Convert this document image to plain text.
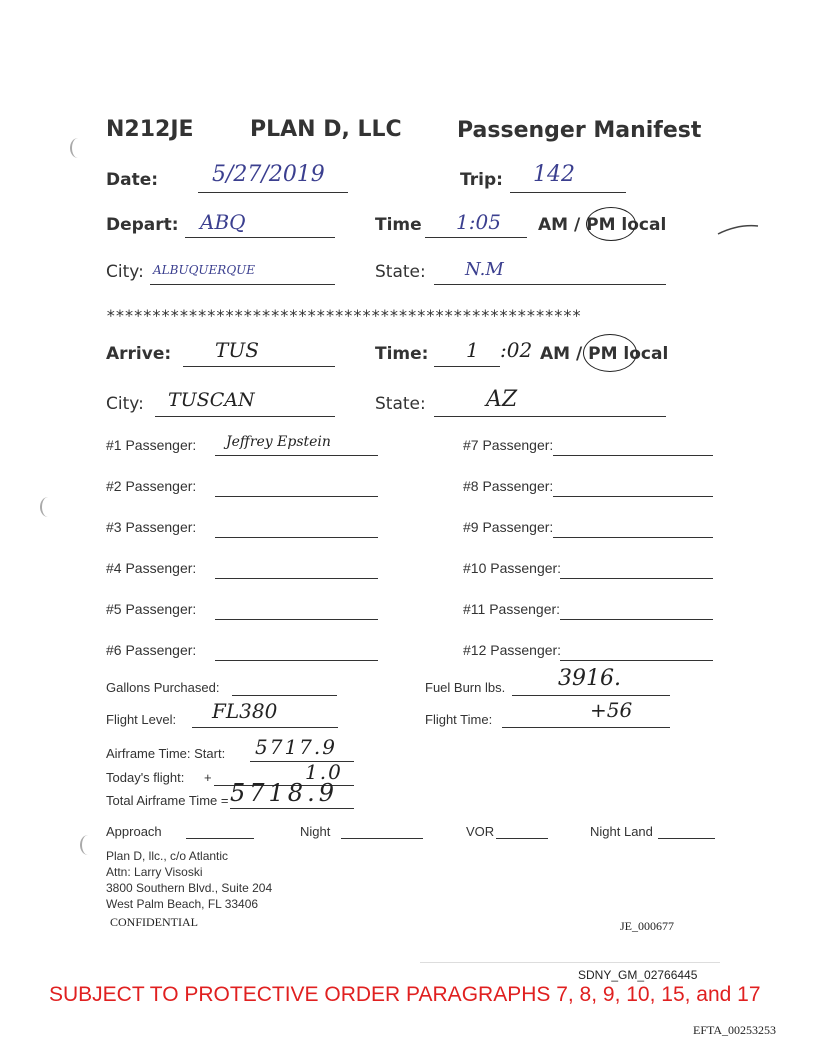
N212JE	PLAN D, LLC	Passenger Manifest
Date: 5/27/2019	Trip: 142
Depart: ABQ	Time 1:05 AM / PM local
City: ALBUQUERQUE	State: N.M
****************************************************
Arrive: TUS	Time: 1 :02 AM / PM local
City: TUSCAN	State:	AZ
#1 Passenger: Jeffrey Epstein
#2 Passenger:
#3 Passenger:
#4 Passenger:
#5 Passenger:
#6 Passenger:
#7 Passenger:
#8 Passenger:
#9 Passenger:
#10 Passenger:
#11 Passenger:
#12 Passenger:
Gallons Purchased:	Fuel Burn lbs. 3916.
Flight Level: FL380	Flight Time:	+56
Airframe Time: Start: 5717.9
Today's flight: +	1.0
Total Airframe Time = 5718.9
Approach	Night	VOR	Night Land
Plan D, llc., c/o Atlantic
Attn: Larry Visoski
3800 Southern Blvd., Suite 204
West Palm Beach, FL 33406
CONFIDENTIAL	JE_000677
SDNY_GM_02766445
SUBJECT TO PROTECTIVE ORDER PARAGRAPHS 7, 8, 9, 10, 15, and 17
EFTA_00253253
